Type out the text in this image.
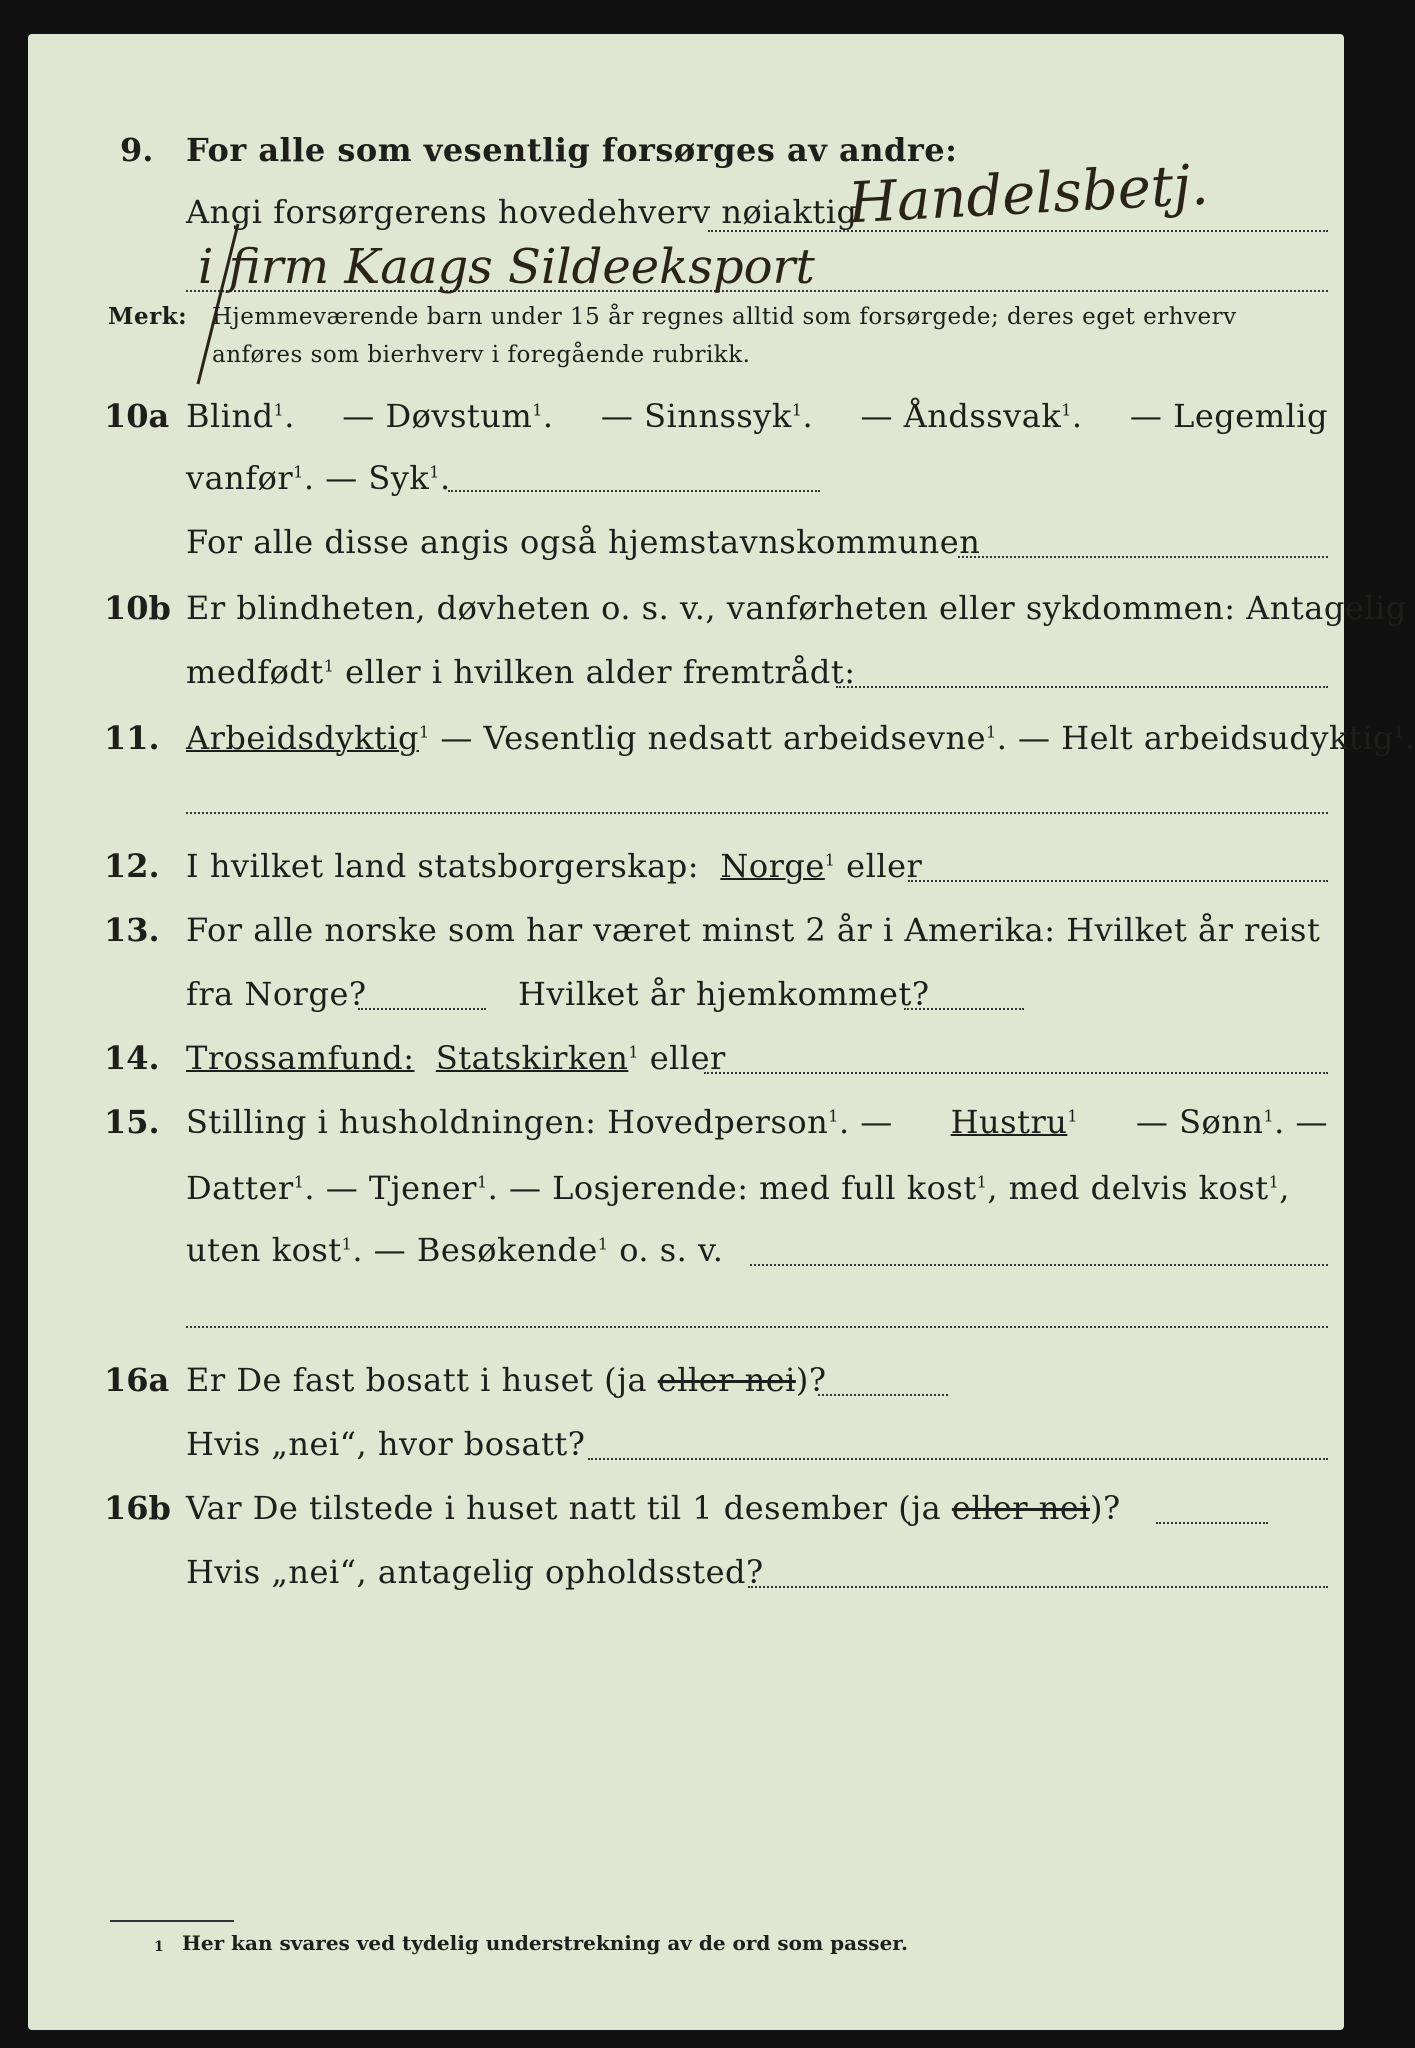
9. For alle som vesentlig forsørges av andre:
Angi forsørgerens hovedehverv nøiaktig
Handelsbetj.
i firm Kaags Sildeeksport
Merk: Hjemmeværende barn under 15 år regnes alltid som forsørgede; deres eget erhverv
anføres som bierhverv i foregående rubrikk.
10a Blind$^1$. — Døvstum$^1$. — Sinnssyk$^1$. — Åndssvak$^1$. — Legemlig
vanfør$^1$. — Syk$^1$.
For alle disse angis også hjemstavnskommunen
10b Er blindheten, døvheten o. s. v., vanførheten eller sykdommen: Antagelig
medfødt$^1$ eller i hvilken alder fremtrådt:
11. Arbeidsdyktig$^1$ — Vesentlig nedsatt arbeidsevne$^1$. — Helt arbeidsudyktig$^1$.
12. I hvilket land statsborgerskap: Norge$^1$ eller
13. For alle norske som har været minst 2 år i Amerika: Hvilket år reist
fra Norge?	Hvilket år hjemkommet?
14. Trossamfund: Statskirken$^1$ eller
15. Stilling i husholdningen: Hovedperson$^1$. — Hustru$^1$ — Sønn$^1$. —
Datter$^1$. — Tjener$^1$. — Losjerende: med full kost$^1$, med delvis kost$^1$,
uten kost$^1$. — Besøkende$^1$ o. s. v.
16a Er De fast bosatt i huset (ja eller nei)?
Hvis „nei“, hvor bosatt?
16b Var De tilstede i huset natt til 1 desember (ja eller nei)?
Hvis „nei“, antagelig opholdssted?
1 Her kan svares ved tydelig understrekning av de ord som passer.
